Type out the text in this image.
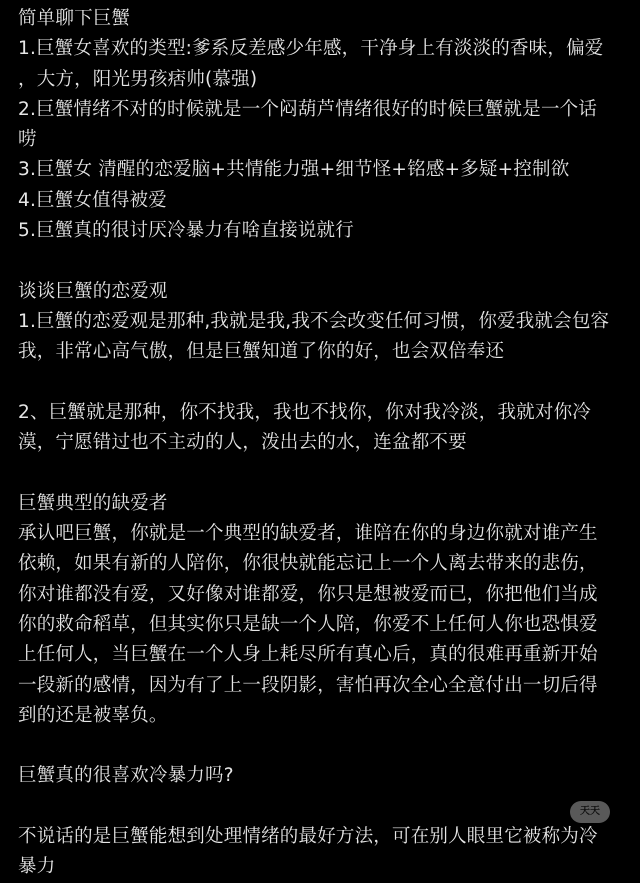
简单聊下巨蟹
1.巨蟹女喜欢的类型:爹系反差感少年感，干净身上有淡淡的香味，偏爱
，大方，阳光男孩痞帅(慕强)
2.巨蟹情绪不对的时候就是一个闷葫芦情绪很好的时候巨蟹就是一个话
唠
3.巨蟹女 清醒的恋爱脑+共情能力强+细节怪+铭感+多疑+控制欲
4.巨蟹女值得被爱
5.巨蟹真的很讨厌冷暴力有啥直接说就行
谈谈巨蟹的恋爱观
1.巨蟹的恋爱观是那种,我就是我,我不会改变任何习惯，你爱我就会包容
我，非常心高气傲，但是巨蟹知道了你的好，也会双倍奉还
2、巨蟹就是那种，你不找我，我也不找你，你对我冷淡，我就对你冷
漠，宁愿错过也不主动的人，泼出去的水，连盆都不要
巨蟹典型的缺爱者
承认吧巨蟹，你就是一个典型的缺爱者，谁陪在你的身边你就对谁产生
依赖，如果有新的人陪你，你很快就能忘记上一个人离去带来的悲伤，
你对谁都没有爱，又好像对谁都爱，你只是想被爱而已，你把他们当成
你的救命稻草，但其实你只是缺一个人陪，你爱不上任何人你也恐惧爱
上任何人，当巨蟹在一个人身上耗尽所有真心后，真的很难再重新开始
一段新的感情，因为有了上一段阴影，害怕再次全心全意付出一切后得
到的还是被辜负。
巨蟹真的很喜欢冷暴力吗?
不说话的是巨蟹能想到处理情绪的最好方法，可在别人眼里它被称为冷
暴力
天天
